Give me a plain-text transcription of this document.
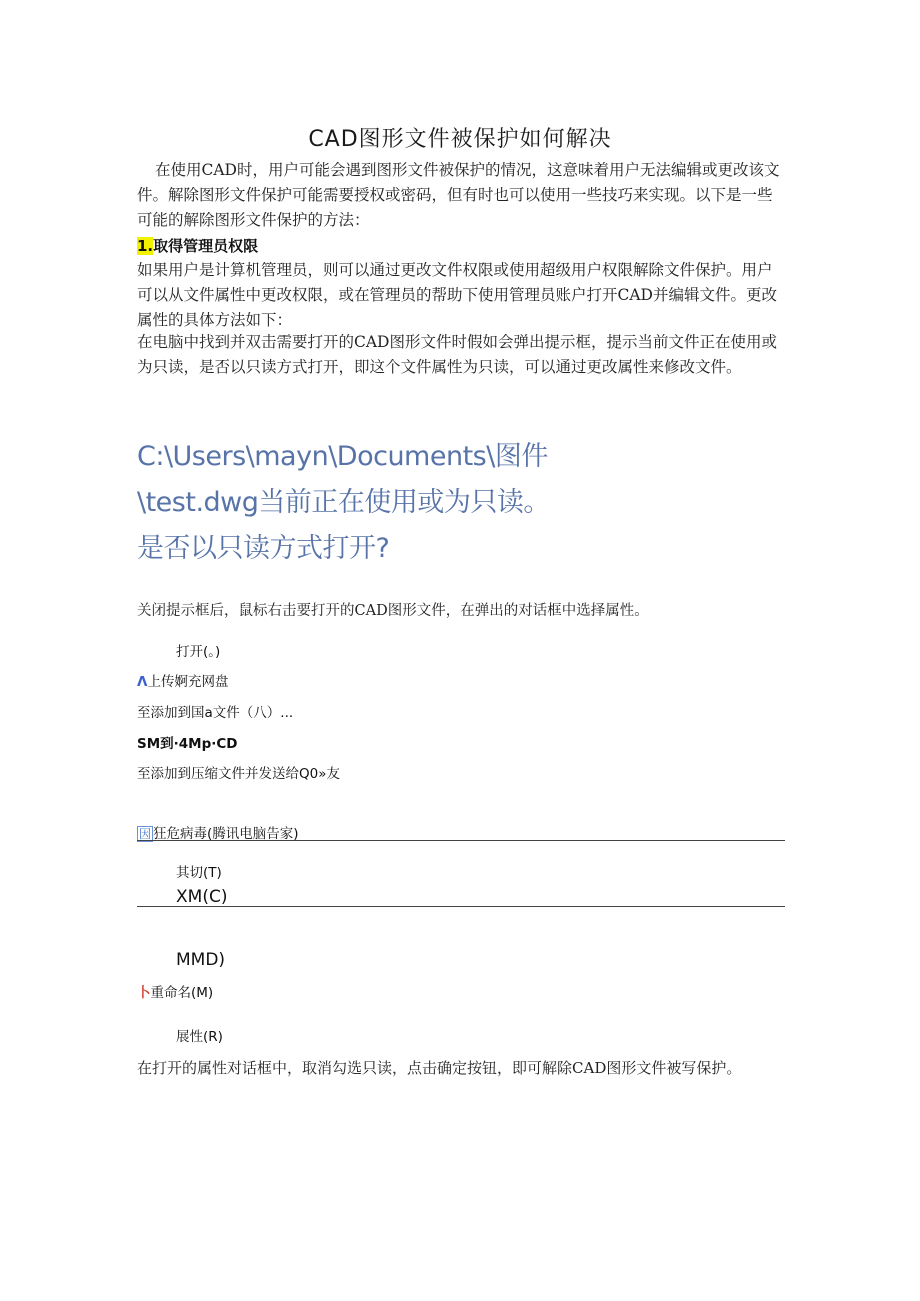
CAD图形文件被保护如何解决
在使用CAD时，用户可能会遇到图形文件被保护的情况，这意味着用户无法编辑或更改该文件。解除图形文件保护可能需要授权或密码，但有时也可以使用一些技巧来实现。以下是一些可能的解除图形文件保护的方法：
1.取得管理员权限
如果用户是计算机管理员，则可以通过更改文件权限或使用超级用户权限解除文件保护。用户可以从文件属性中更改权限，或在管理员的帮助下使用管理员账户打开CAD并编辑文件。更改属性的具体方法如下：
在电脑中找到并双击需要打开的CAD图形文件时假如会弹出提示框，提示当前文件正在使用或为只读，是否以只读方式打开，即这个文件属性为只读，可以通过更改属性来修改文件。
C:\Users\mayn\Documents\图件
\test.dwg当前正在使用或为只读。
是否以只读方式打开?
关闭提示框后，鼠标右击要打开的CAD图形文件，在弹出的对话框中选择属性。
打开(。)
Λ上传婀充网盘
至添加到国a文件（八）...
SM到·4Mp·CD
至添加到压缩文件并发送给Q0»友
因 狂危病毒(腾讯电脑告家)
其切(T)
XM(C)
MMD)
卜重命名(M)
展性(R)
在打开的属性对话框中，取消勾选只读，点击确定按钮，即可解除CAD图形文件被写保护。
